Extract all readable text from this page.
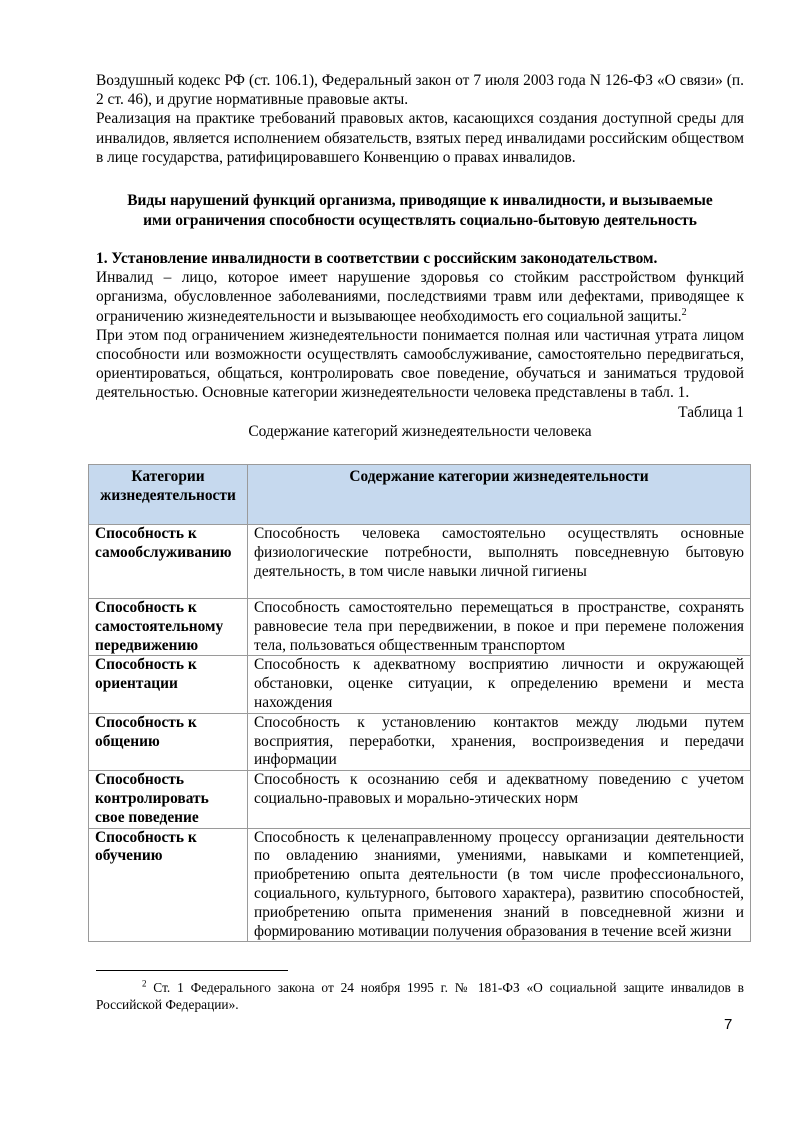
Воздушный кодекс РФ (ст. 106.1), Федеральный закон от 7 июля 2003 года N 126-ФЗ «О связи» (п. 2 ст. 46), и другие нормативные правовые акты.

Реализация на практике требований правовых актов, касающихся создания доступной среды для инвалидов, является исполнением обязательств, взятых перед инвалидами российским обществом в лице государства, ратифицировавшего Конвенцию о правах инвалидов.

Виды нарушений функций организма, приводящие к инвалидности, и вызываемые
ими ограничения способности осуществлять социально-бытовую деятельность

1. Установление инвалидности в соответствии с российским законодательством.

Инвалид – лицо, которое имеет нарушение здоровья со стойким расстройством функций организма, обусловленное заболеваниями, последствиями травм или дефектами, приводящее к ограничению жизнедеятельности и вызывающее необходимость его социальной защиты.$^2$

При этом под ограничением жизнедеятельности понимается полная или частичная утрата лицом способности или возможности осуществлять самообслуживание, самостоятельно передвигаться, ориентироваться, общаться, контролировать свое поведение, обучаться и заниматься трудовой деятельностью. Основные категории жизнедеятельности человека представлены в табл. 1.

Таблица 1

Содержание категорий жизнедеятельности человека

Категории жизнедеятельности	Содержание категории жизнедеятельности
Способность к самообслуживанию	Способность человека самостоятельно осуществлять основные физиологические потребности, выполнять повседневную бытовую деятельность, в том числе навыки личной гигиены
Способность к самостоятельному передвижению	Способность самостоятельно перемещаться в пространстве, сохранять равновесие тела при передвижении, в покое и при перемене положения тела, пользоваться общественным транспортом
Способность к ориентации	Способность к адекватному восприятию личности и окружающей обстановки, оценке ситуации, к определению времени и места нахождения
Способность к общению	Способность к установлению контактов между людьми путем восприятия, переработки, хранения, воспроизведения и передачи информации
Способность контролировать свое поведение	Способность к осознанию себя и адекватному поведению с учетом социально-правовых и морально-этических норм
Способность к обучению	Способность к целенаправленному процессу организации деятельности по овладению знаниями, умениями, навыками и компетенцией, приобретению опыта деятельности (в том числе профессионального, социального, культурного, бытового характера), развитию способностей, приобретению опыта применения знаний в повседневной жизни и формированию мотивации получения образования в течение всей жизни
$^2$ Ст. 1 Федерального закона от 24 ноября 1995 г. № 181-ФЗ «О социальной защите инвалидов в Российской Федерации».
7
